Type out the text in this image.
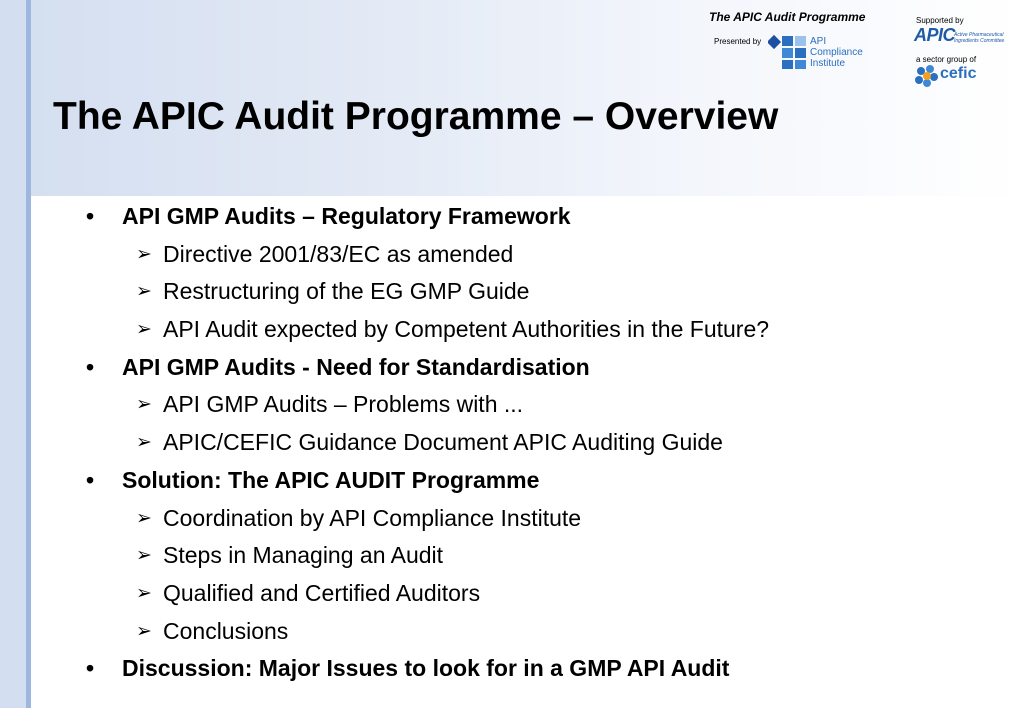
The APIC Audit Programme
Presented by	API
Compliance
Institute
Supported by
APIC
Active Pharmaceutical
Ingredients Committee
a sector group of
cefic
The APIC Audit Programme – Overview
• API GMP Audits – Regulatory Framework
➢ Directive 2001/83/EC as amended
➢ Restructuring of the EG GMP Guide
➢ API Audit expected by Competent Authorities in the Future?
• API GMP Audits - Need for Standardisation
➢ API GMP Audits – Problems with ...
➢ APIC/CEFIC Guidance Document APIC Auditing Guide
• Solution: The APIC AUDIT Programme
➢ Coordination by API Compliance Institute
➢ Steps in Managing an Audit
➢ Qualified and Certified Auditors
➢ Conclusions
• Discussion: Major Issues to look for in a GMP API Audit
